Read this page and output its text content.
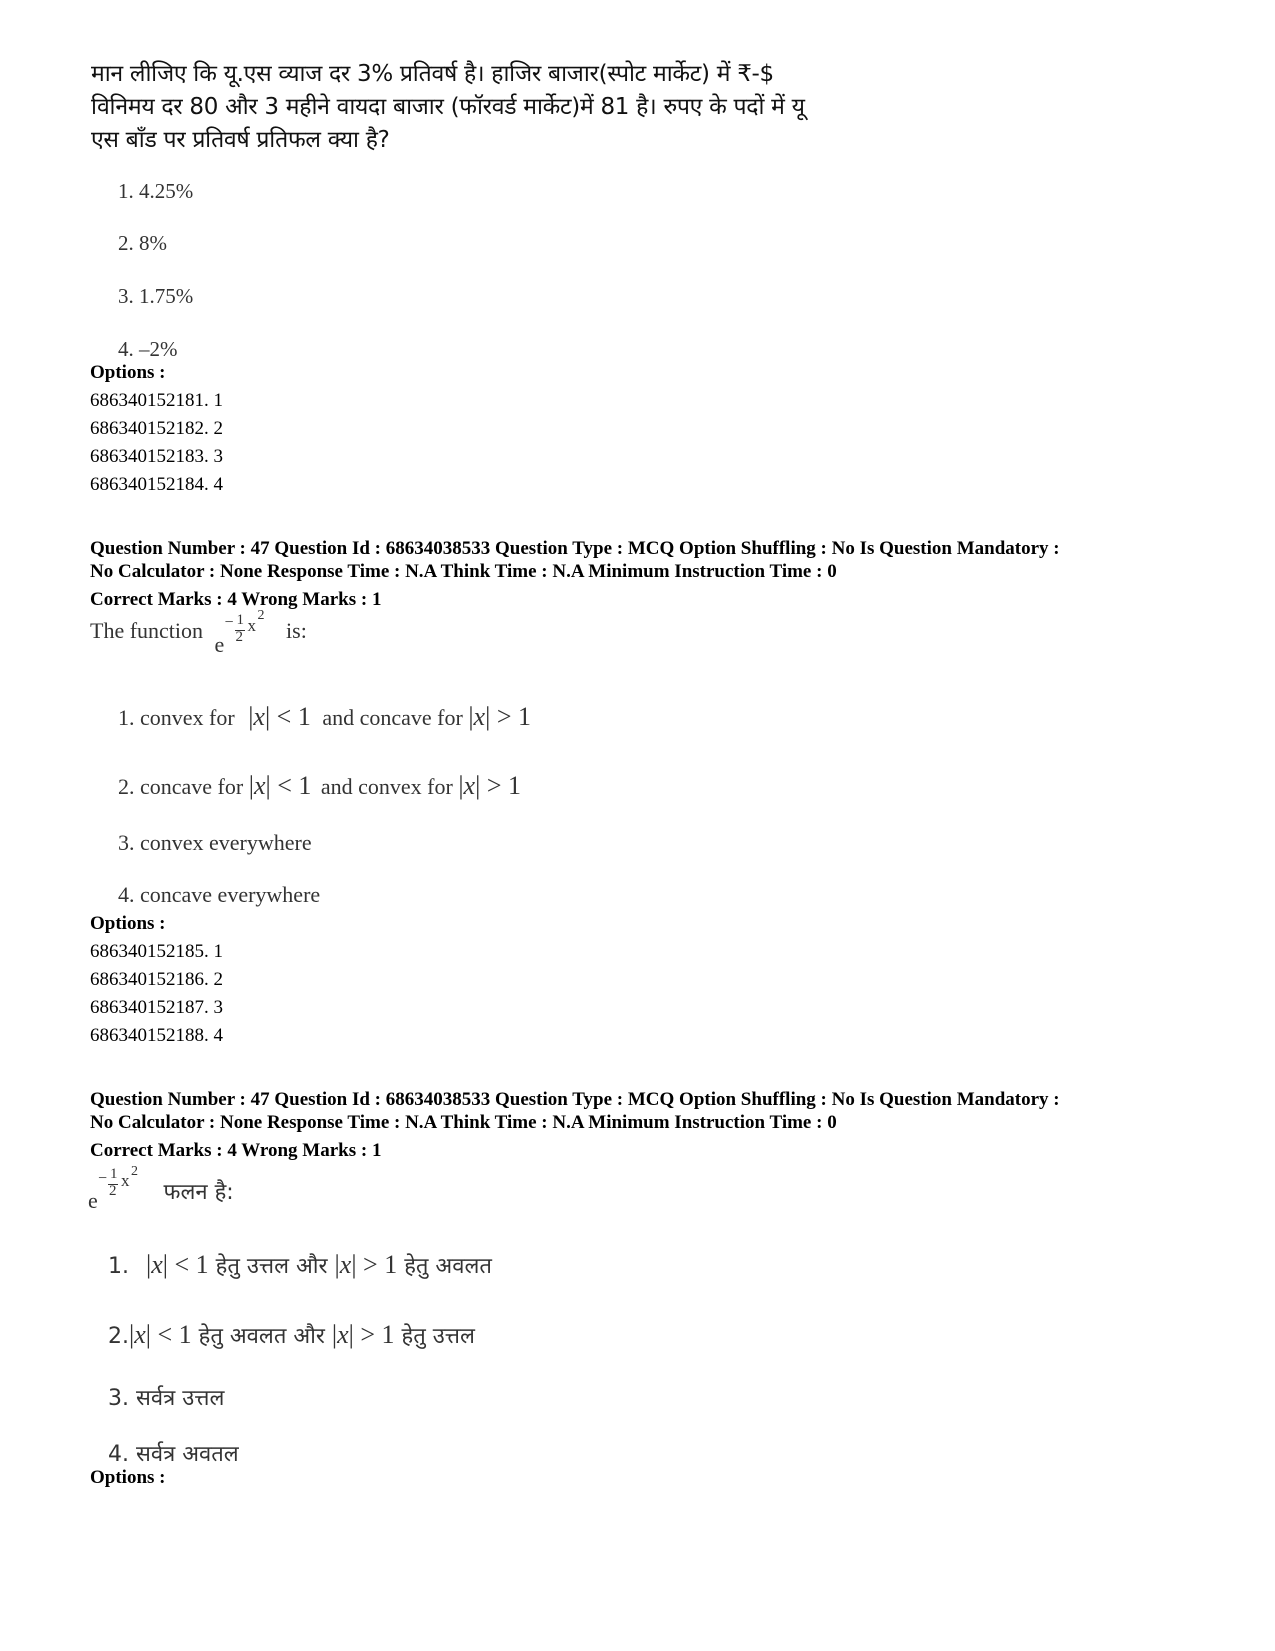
मान लीजिए कि यू.एस व्याज दर 3% प्रतिवर्ष है। हाजिर बाजार(स्पोट मार्केट) में ₹-$
विनिमय दर 80 और 3 महीने वायदा बाजार (फॉरवर्ड मार्केट)में 81 है। रुपए के पदों में यू
एस बाँड पर प्रतिवर्ष प्रतिफल क्या है?
1. 4.25%
2. 8%
3. 1.75%
4. –2%
Options :
686340152181. 1
686340152182. 2
686340152183. 3
686340152184. 4
Question Number : 47 Question Id : 68634038533 Question Type : MCQ Option Shuffling : No Is Question Mandatory :
No Calculator : None Response Time : N.A Think Time : N.A Minimum Instruction Time : 0
Correct Marks : 4 Wrong Marks : 1
The function
e
− 1
2
x
2
is:
1. convex for |x| < 1 and concave for |x| > 1
2. concave for |x| < 1 and convex for |x| > 1
3. convex everywhere
4. concave everywhere
Options :
686340152185. 1
686340152186. 2
686340152187. 3
686340152188. 4
Question Number : 47 Question Id : 68634038533 Question Type : MCQ Option Shuffling : No Is Question Mandatory :
No Calculator : None Response Time : N.A Think Time : N.A Minimum Instruction Time : 0
Correct Marks : 4 Wrong Marks : 1
e
− 1
2
x 2
फलन है:
1. |x| < 1 हेतु उत्तल और |x| > 1 हेतु अवलत
2.|x| < 1 हेतु अवलत और |x| > 1 हेतु उत्तल
3. सर्वत्र उत्तल
4. सर्वत्र अवतल
Options :
